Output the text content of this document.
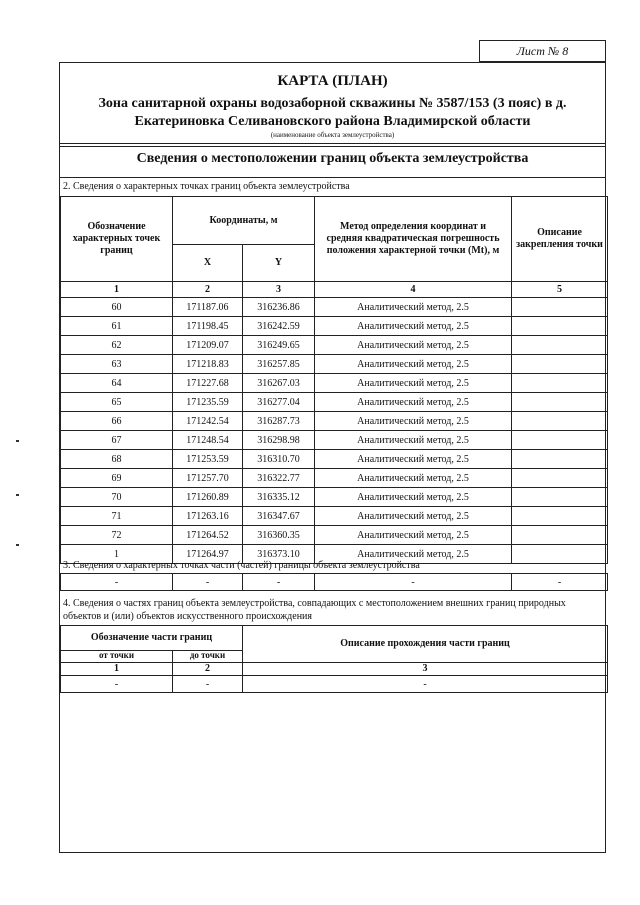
Лист № 8
КАРТА (ПЛАН)
Зона санитарной охраны водозаборной скважины № 3587/153 (3 пояс) в д. Екатериновка Селивановского района Владимирской области
(наименование объекта землеустройства)
Сведения о местоположении границ объекта землеустройства
2. Сведения о характерных точках границ объекта землеустройства
Обозначение характерных точек границ	Координаты, м		Метод определения координат и средняя квадратическая погрешность положения характерной точки (Mt), м	Описание закрепления точки
	X	Y		
1	2	3	4	5
60	171187.06	316236.86	Аналитический метод, 2.5	
61	171198.45	316242.59	Аналитический метод, 2.5	
62	171209.07	316249.65	Аналитический метод, 2.5	
63	171218.83	316257.85	Аналитический метод, 2.5	
64	171227.68	316267.03	Аналитический метод, 2.5	
65	171235.59	316277.04	Аналитический метод, 2.5	
66	171242.54	316287.73	Аналитический метод, 2.5	
67	171248.54	316298.98	Аналитический метод, 2.5	
68	171253.59	316310.70	Аналитический метод, 2.5	
69	171257.70	316322.77	Аналитический метод, 2.5	
70	171260.89	316335.12	Аналитический метод, 2.5	
71	171263.16	316347.67	Аналитический метод, 2.5	
72	171264.52	316360.35	Аналитический метод, 2.5	
1	171264.97	316373.10	Аналитический метод, 2.5	
3. Сведения о характерных точках части (частей) границы объекта землеустройства
-	-	-	-	-
4. Сведения о частях границ объекта землеустройства, совпадающих с местоположением внешних границ природных объектов и (или) объектов искусственного происхождения
Обозначение части границ		Описание прохождения части границ
от точки	до точки	
1	2	3
-	-	-
